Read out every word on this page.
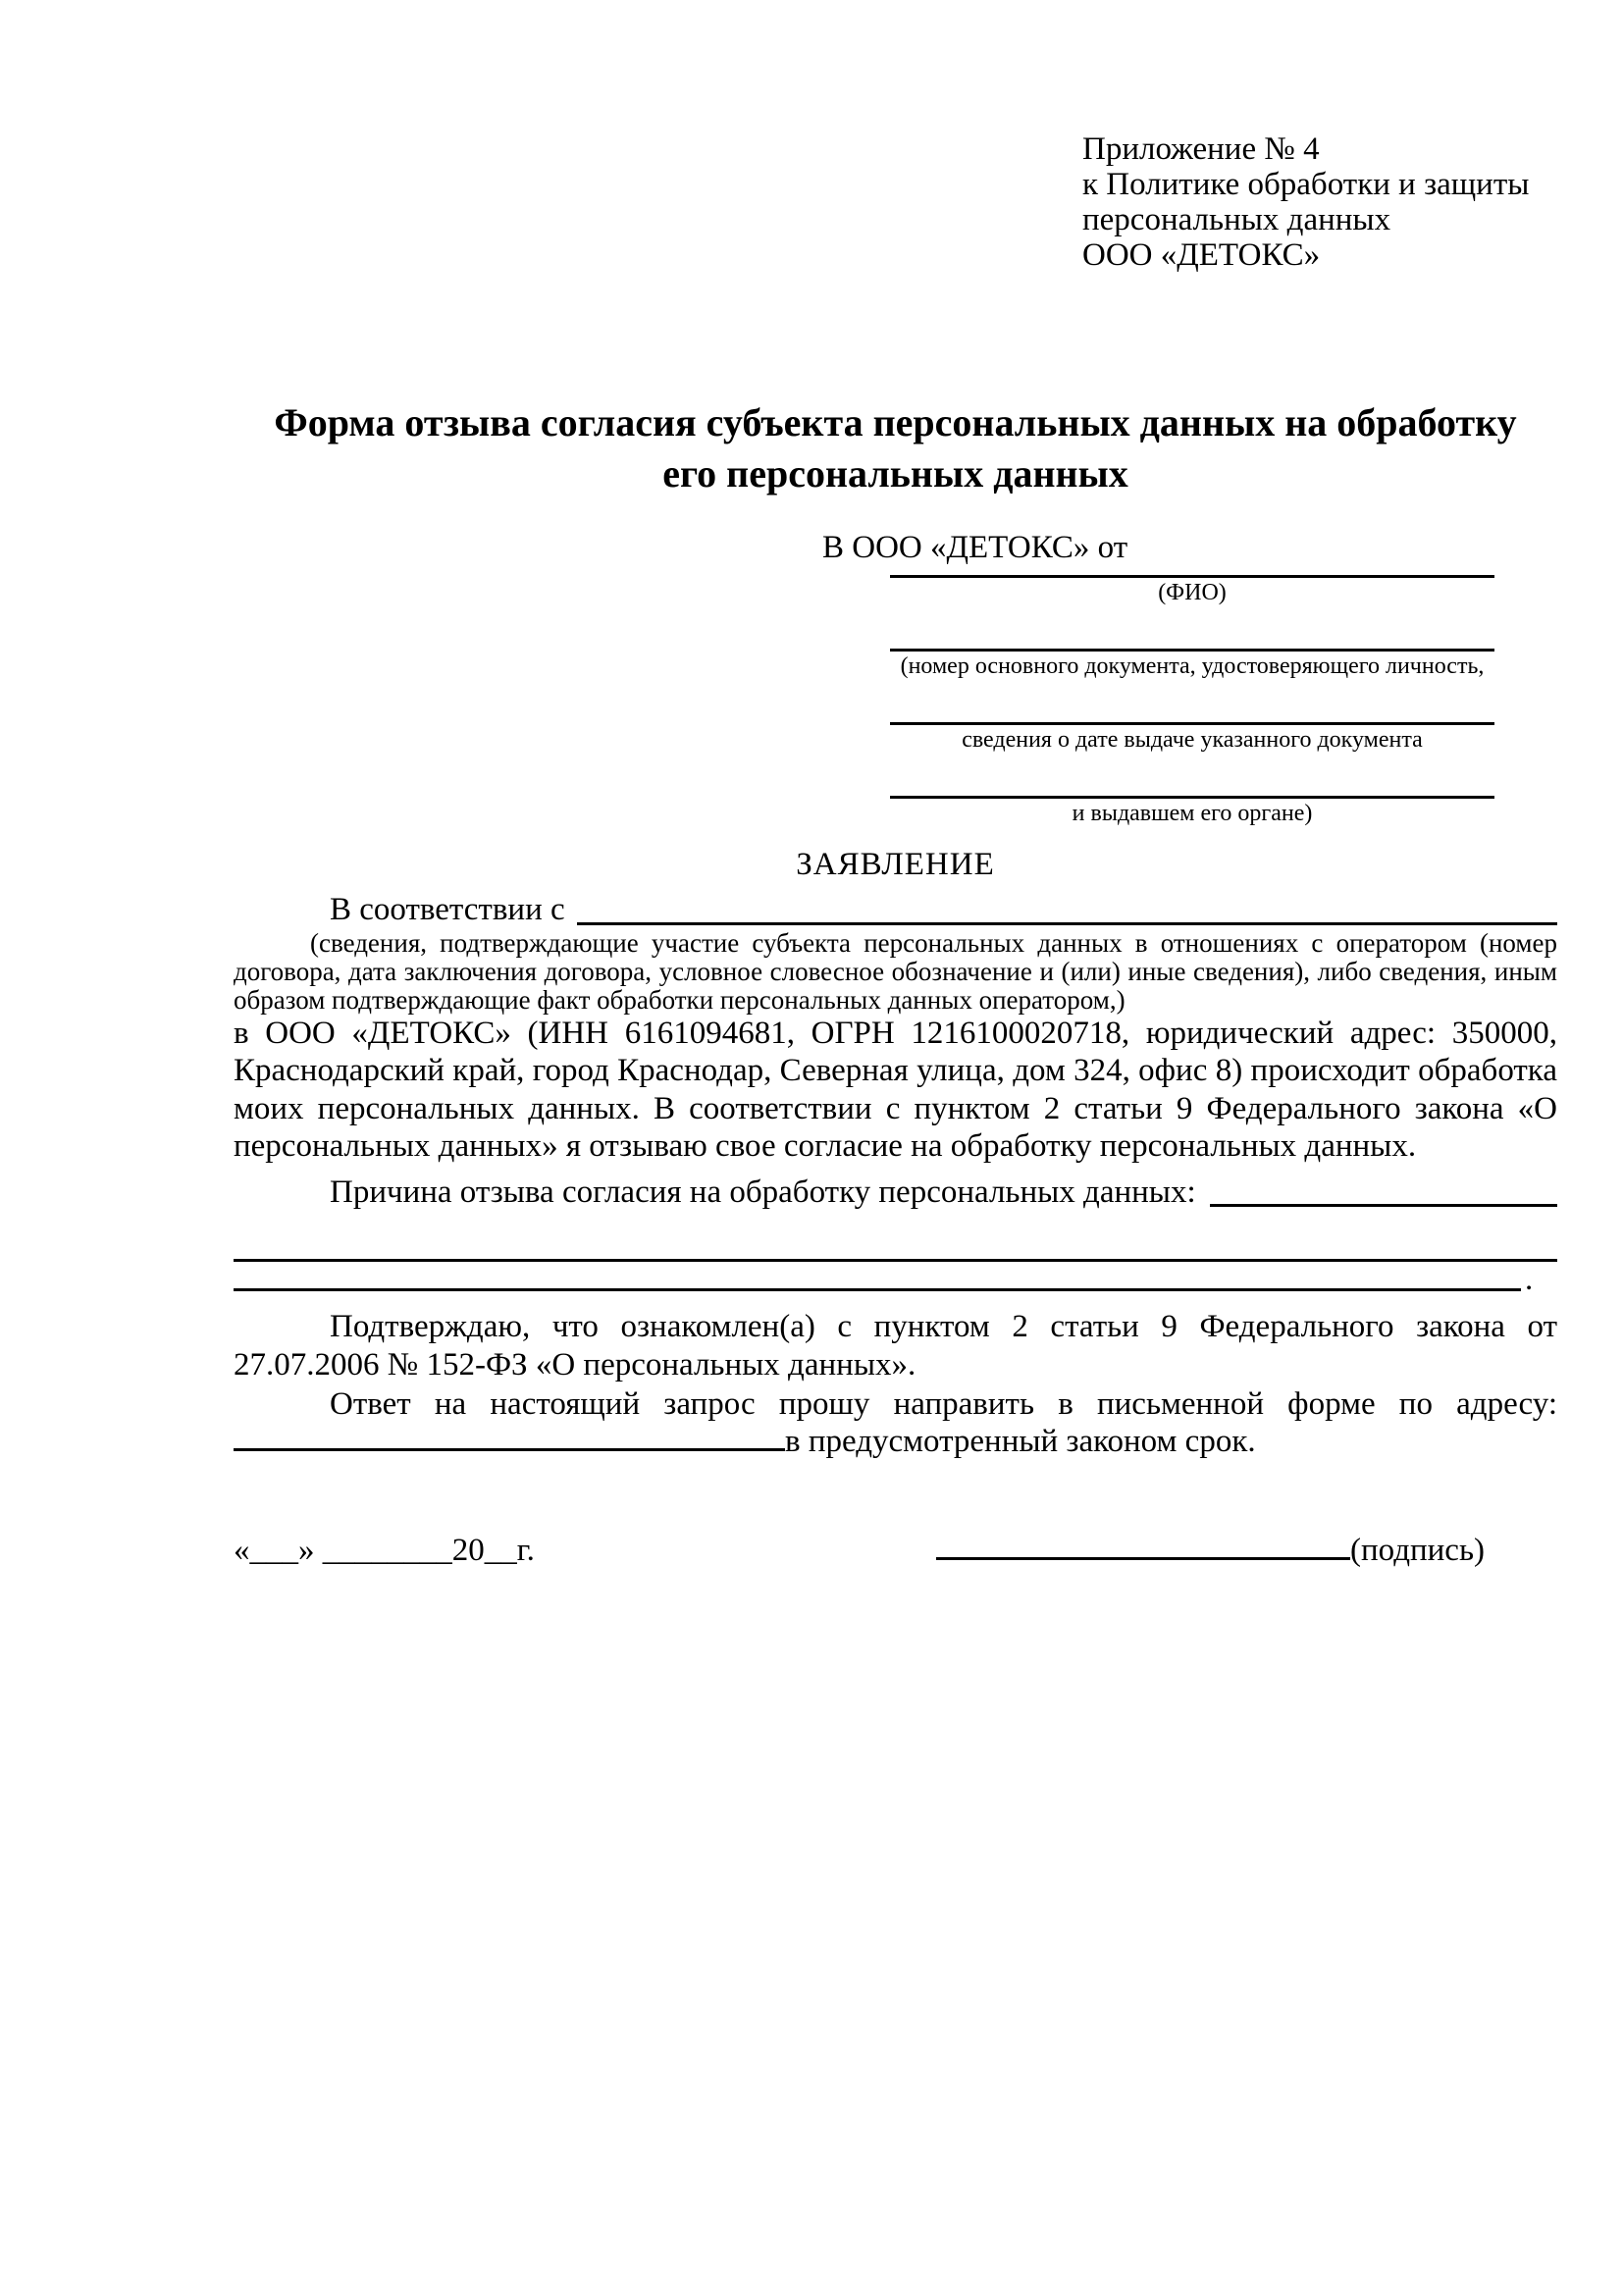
Приложение № 4
к Политике обработки и защиты
персональных данных
ООО «ДЕТОКС»
Форма отзыва согласия субъекта персональных данных на обработку
его персональных данных
В ООО «ДЕТОКС» от
(ФИО)
(номер основного документа, удостоверяющего личность,
сведения о дате выдаче указанного документа
и выдавшем его органе)
ЗАЯВЛЕНИЕ
В соответствии с
(сведения, подтверждающие участие субъекта персональных данных в отношениях с оператором (номер договора, дата заключения договора, условное словесное обозначение и (или) иные сведения), либо сведения, иным образом подтверждающие факт обработки персональных данных оператором,)
в ООО «ДЕТОКС» (ИНН 6161094681, ОГРН 1216100020718, юридический адрес: 350000, Краснодарский край, город Краснодар, Северная улица, дом 324, офис 8) происходит обработка моих персональных данных. В соответствии с пунктом 2 статьи 9 Федерального закона «О персональных данных» я отзываю свое согласие на обработку персональных данных.
Причина отзыва согласия на обработку персональных данных:
.
Подтверждаю, что ознакомлен(а) с пунктом 2 статьи 9 Федерального закона от 27.07.2006 № 152-ФЗ «О персональных данных».
Ответ на настоящий запрос прошу направить в письменной форме по адресу:
в предусмотренный законом срок.
«___» ________20__г.	(подпись)
